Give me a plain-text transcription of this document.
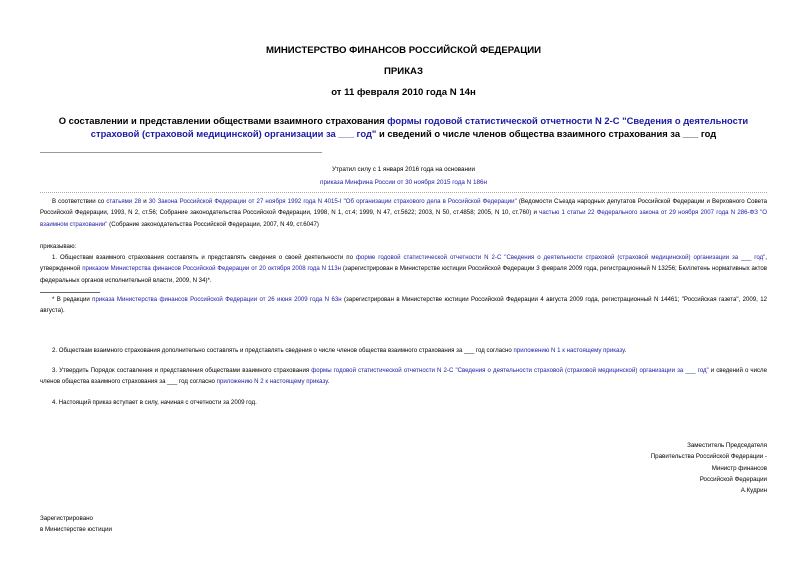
МИНИСТЕРСТВО ФИНАНСОВ РОССИЙСКОЙ ФЕДЕРАЦИИ
ПРИКАЗ
от 11 февраля 2010 года N 14н
О составлении и представлении обществами взаимного страхования формы годовой статистической отчетности N 2-С "Сведения о деятельности страховой (страховой медицинской) организации за ___ год" и сведений о числе членов общества взаимного страхования за ___ год
Утратил силу с 1 января 2016 года на основании
приказа Минфина России от 30 ноября 2015 года N 186н
В соответствии со статьями 28 и 30 Закона Российской Федерации от 27 ноября 1992 года N 4015-I "Об организации страхового дела в Российской Федерации" (Ведомости Съезда народных депутатов Российской Федерации и Верховного Совета Российской Федерации, 1993, N 2, ст.56; Собрание законодательства Российской Федерации, 1998, N 1, ст.4; 1999, N 47, ст.5622; 2003, N 50, ст.4858; 2005, N 10, ст.760) и частью 1 статьи 22 Федерального закона от 29 ноября 2007 года N 286-ФЗ "О взаимном страховании" (Собрание законодательства Российской Федерации, 2007, N 49, ст.6047)
приказываю:
1. Обществам взаимного страхования составлять и представлять сведения о своей деятельности по форме годовой статистической отчетности N 2-С "Сведения о деятельности страховой (страховой медицинской) организации за ___ год", утвержденной приказом Министерства финансов Российской Федерации от 20 октября 2008 года N 113н (зарегистрирован в Министерстве юстиции Российской Федерации 3 февраля 2009 года, регистрационный N 13256; Бюллетень нормативных актов федеральных органов исполнительной власти, 2009, N 34)*.
* В редакции приказа Министерства финансов Российской Федерации от 26 июня 2009 года N 63н (зарегистрирован в Министерстве юстиции Российской Федерации 4 августа 2009 года, регистрационный N 14461; "Российская газета", 2009, 12 августа).
2. Обществам взаимного страхования дополнительно составлять и представлять сведения о числе членов общества взаимного страхования за ___ год согласно приложению N 1 к настоящему приказу.
3. Утвердить Порядок составления и представления обществами взаимного страхования формы годовой статистической отчетности N 2-С "Сведения о деятельности страховой (страховой медицинской) организации за ___ год" и сведений о числе членов общества взаимного страхования за ___ год согласно приложению N 2 к настоящему приказу.
4. Настоящий приказ вступает в силу, начиная с отчетности за 2009 год.
Заместитель Председателя
Правительства Российской Федерации -
Министр финансов
Российской Федерации
А.Кудрин
Зарегистрировано
в Министерстве юстиции
